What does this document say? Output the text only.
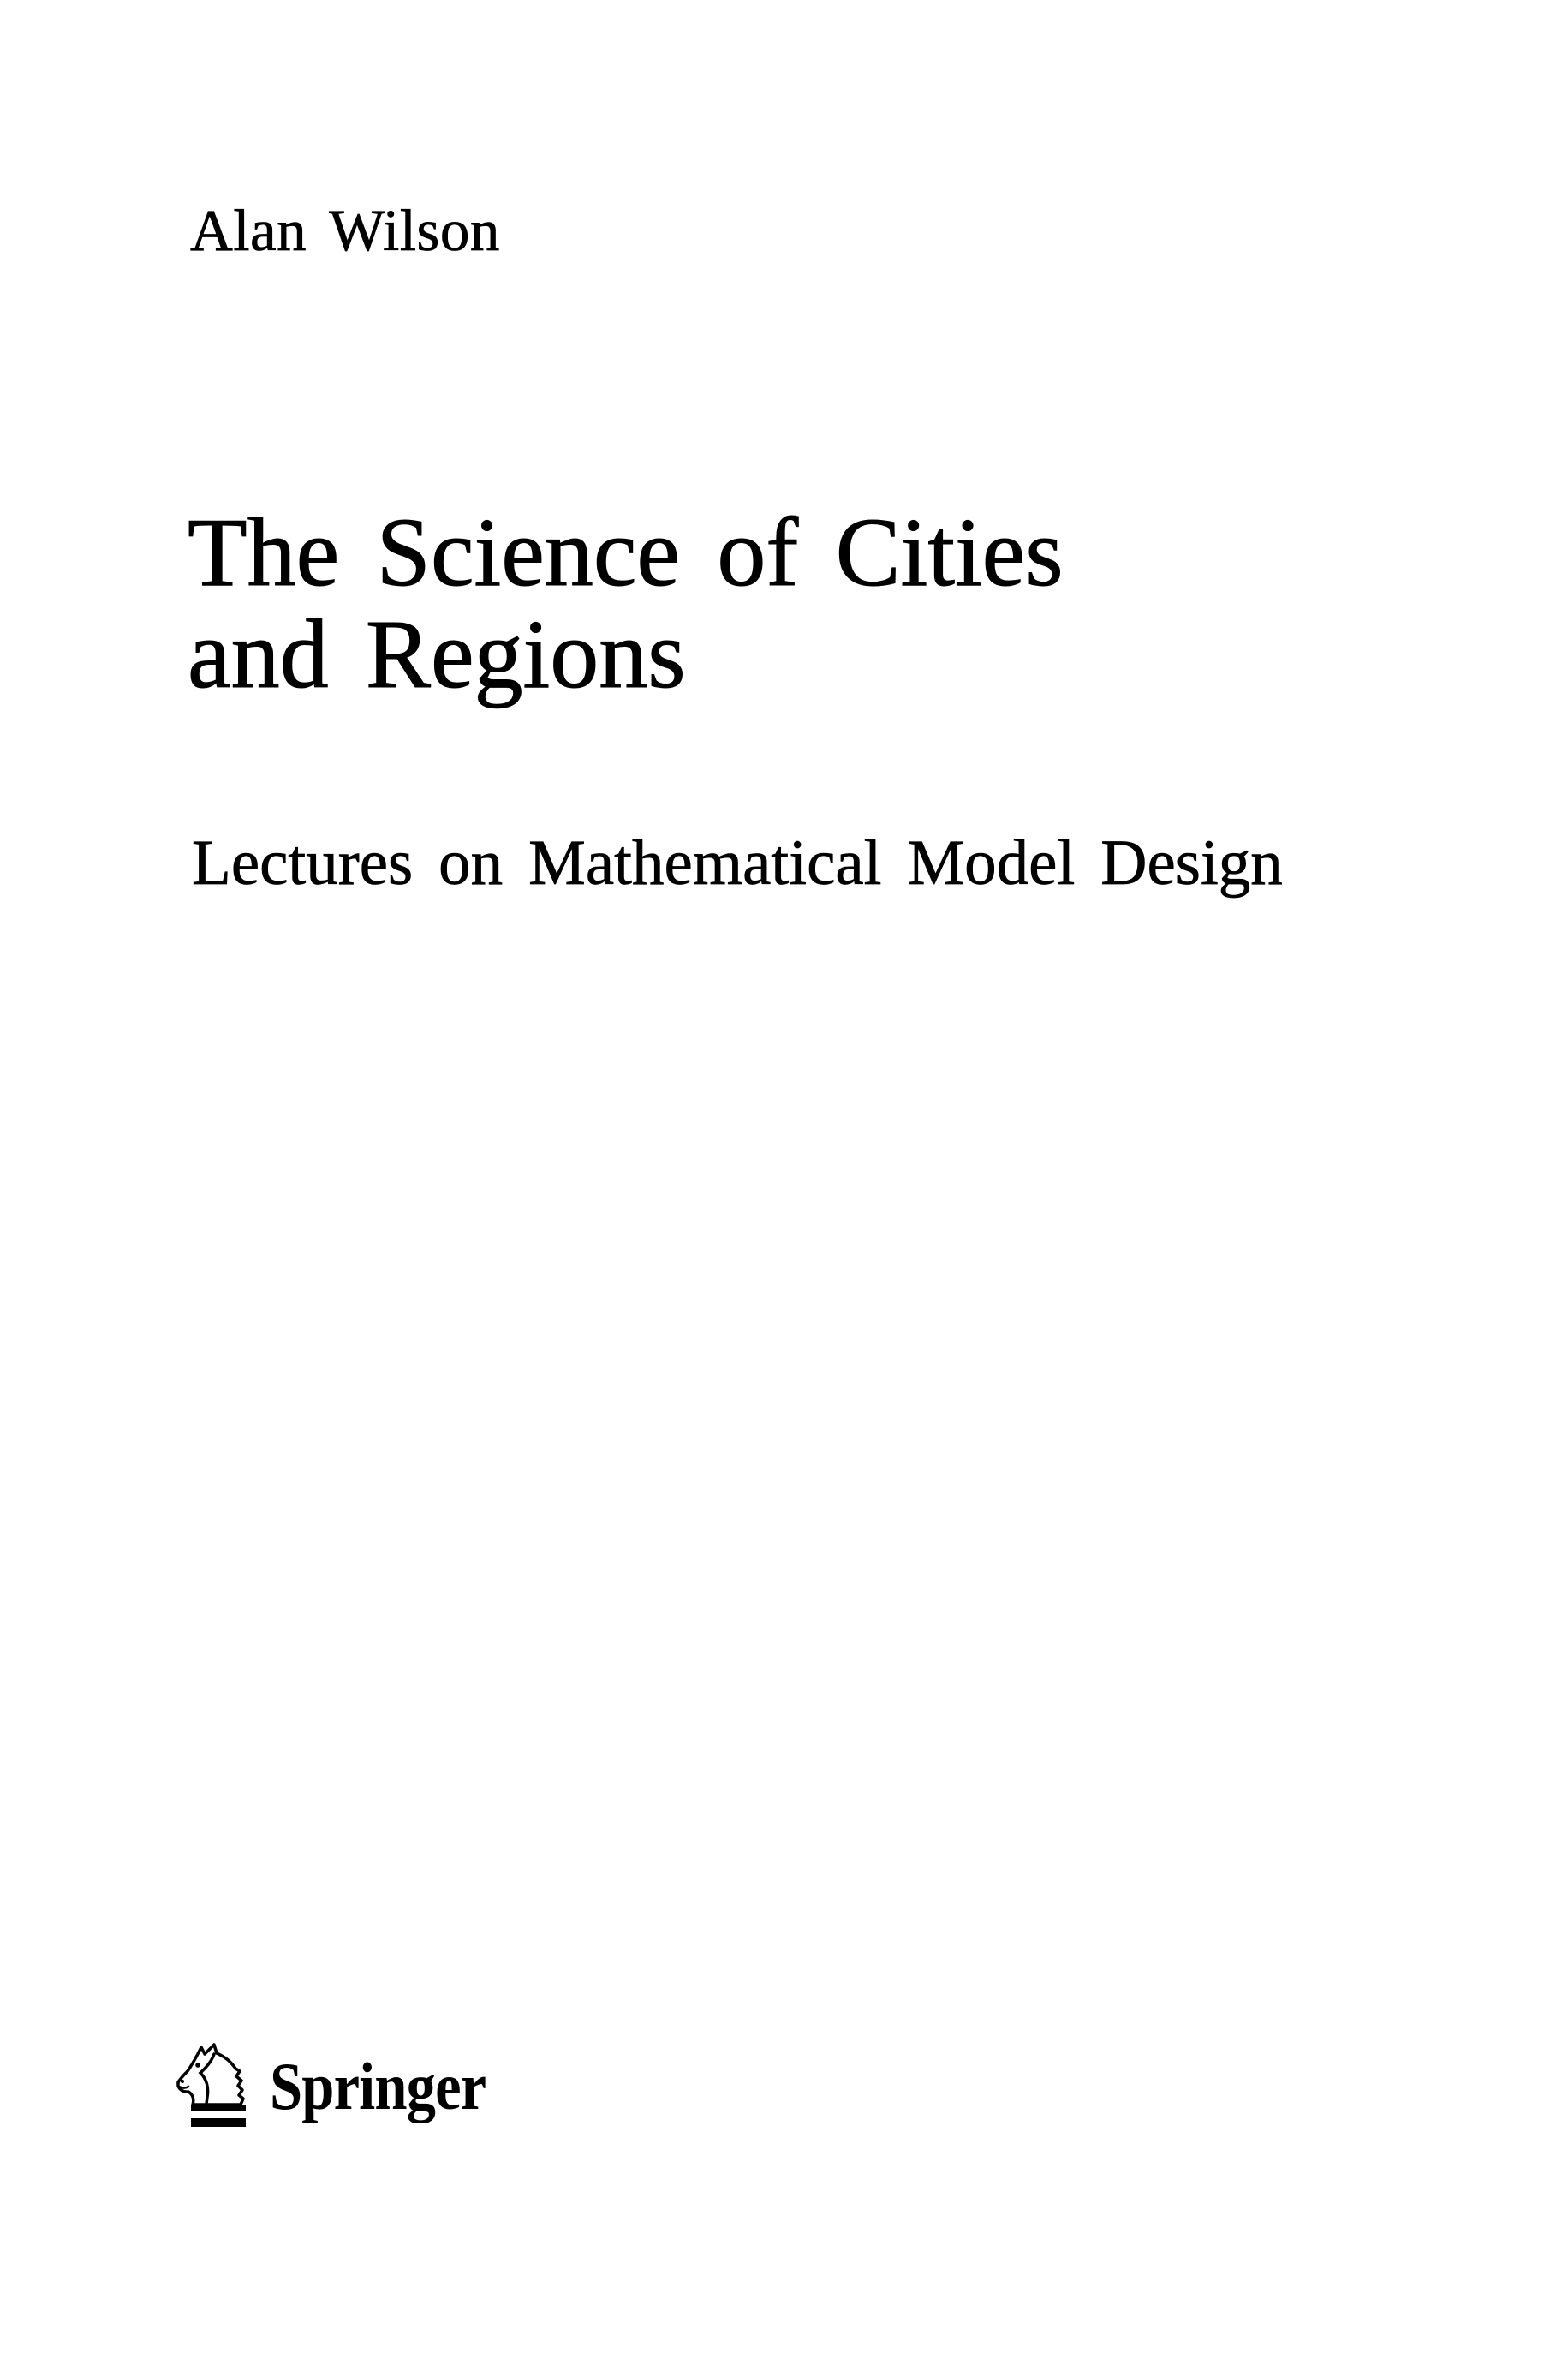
Alan Wilson
The Science of Cities
and Regions
Lectures on Mathematical Model Design
Springer
